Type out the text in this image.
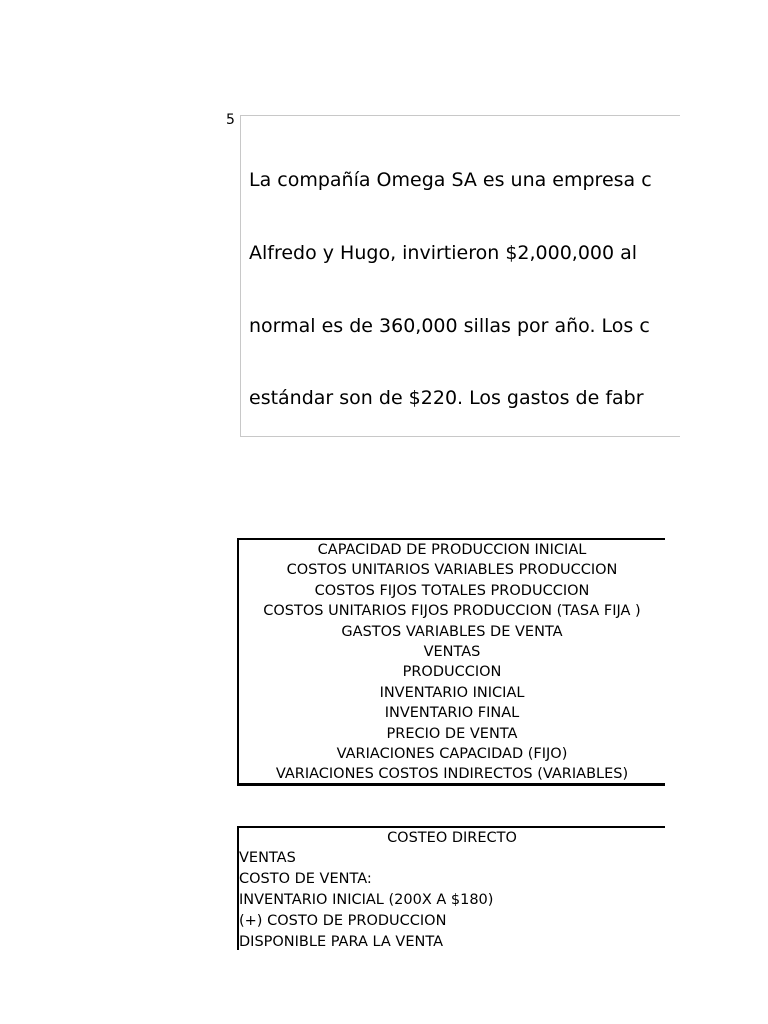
5

La compañía Omega SA es una empresa c

Alfredo y Hugo, invirtieron $2,000,000 al

normal es de 360,000 sillas por año. Los c

estándar son de $220. Los gastos de fabr

CAPACIDAD DE PRODUCCION INICIAL
COSTOS UNITARIOS VARIABLES PRODUCCION
COSTOS FIJOS TOTALES PRODUCCION
COSTOS UNITARIOS FIJOS PRODUCCION (TASA FIJA )
GASTOS VARIABLES DE VENTA
VENTAS
PRODUCCION
INVENTARIO INICIAL
INVENTARIO FINAL
PRECIO DE VENTA
VARIACIONES CAPACIDAD (FIJO)
VARIACIONES COSTOS INDIRECTOS (VARIABLES)
COSTEO DIRECTO
VENTAS
COSTO DE VENTA:
INVENTARIO INICIAL (200X A $180)
(+) COSTO DE PRODUCCION
DISPONIBLE PARA LA VENTA
